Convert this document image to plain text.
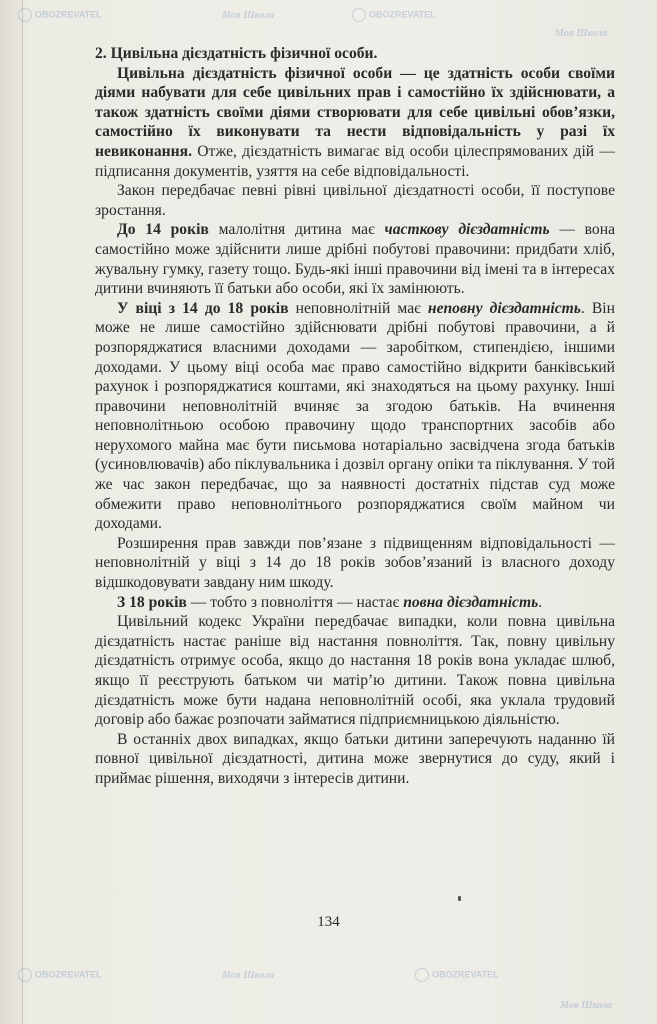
OBOZREVATEL	Моя Школа	OBOZREVATEL
Моя Школа
OBOZREVATEL	Моя Школа	OBOZREVATEL
Моя Школа

2. Цивільна дієздатність фізичної особи.

Цивільна дієздатність фізичної особи — це здатність особи своїми діями набувати для себе цивільних прав і самостійно їх здійснювати, а також здатність своїми діями створювати для себе цивільні обов’язки, самостійно їх виконувати та нести відповідальність у разі їх невиконання. Отже, дієздатність вимагає від особи цілеспрямованих дій — підписання документів, узяття на себе відповідальності.

Закон передбачає певні рівні цивільної дієздатності особи, її поступове зростання.

До 14 років малолітня дитина має часткову дієздатність — вона самостійно може здійснити лише дрібні побутові правочини: придбати хліб, жувальну гумку, газету тощо. Будь-які інші правочини від імені та в інтересах дитини вчиняють її батьки або особи, які їх замінюють.

У віці з 14 до 18 років неповнолітній має неповну дієздатність. Він може не лише самостійно здійснювати дрібні побутові правочини, а й розпоряджатися власними доходами — заробітком, стипендією, іншими доходами. У цьому віці особа має право самостійно відкрити банківський рахунок і розпоряджатися коштами, які знаходяться на цьому рахунку. Інші правочини неповнолітній вчиняє за згодою батьків. На вчинення неповнолітньою особою правочину щодо транспортних засобів або нерухомого майна має бути письмова нотаріально засвідчена згода батьків (усиновлювачів) або піклувальника і дозвіл органу опіки та піклування. У той же час закон передбачає, що за наявності достатніх підстав суд може обмежити право неповнолітнього розпоряджатися своїм майном чи доходами.

Розширення прав завжди пов’язане з підвищенням відповідальності — неповнолітній у віці з 14 до 18 років зобов’язаний із власного доходу відшкодовувати завдану ним шкоду.

З 18 років — тобто з повноліття — настає повна дієздатність.

Цивільний кодекс України передбачає випадки, коли повна цивільна дієздатність настає раніше від настання повноліття. Так, повну цивільну дієздатність отримує особа, якщо до настання 18 років вона укладає шлюб, якщо її реєструють батьком чи матір’ю дитини. Також повна цивільна дієздатність може бути надана неповнолітній особі, яка уклала трудовий договір або бажає розпочати займатися підприємницькою діяльністю.

В останніх двох випадках, якщо батьки дитини заперечують наданню їй повної цивільної дієздатності, дитина може звернутися до суду, який і приймає рішення, виходячи з інтересів дитини.

134
